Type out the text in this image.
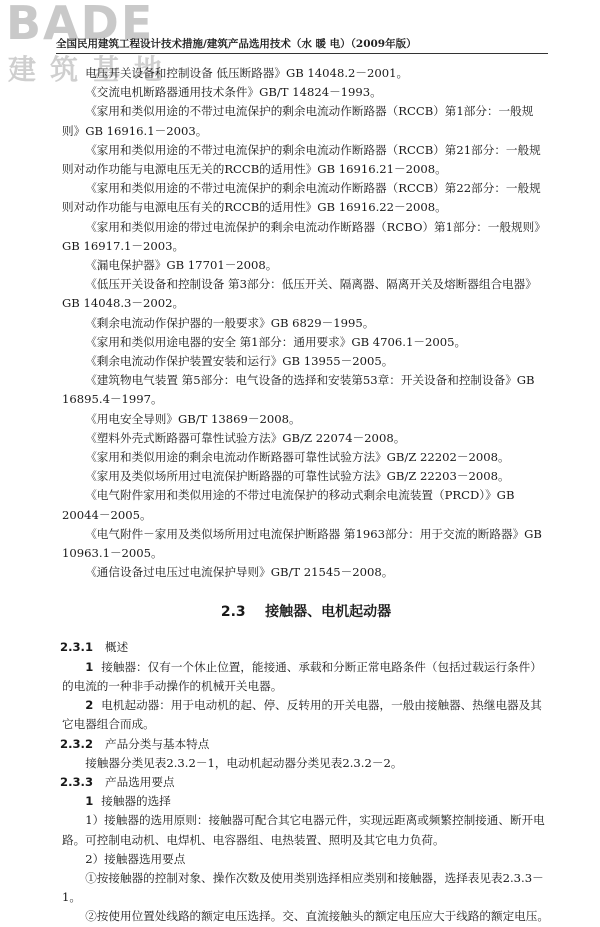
BADE
建筑基地
全国民用建筑工程设计技术措施/建筑产品选用技术（水 暖 电）（2009年版）

电压开关设备和控制设备 低压断路器》GB 14048.2－2001。

《交流电机断路器通用技术条件》GB/T 14824－1993。

《家用和类似用途的不带过电流保护的剩余电流动作断路器（RCCB）第1部分：一般规则》GB 16916.1－2003。

《家用和类似用途的不带过电流保护的剩余电流动作断路器（RCCB）第21部分：一般规则对动作功能与电源电压无关的RCCB的适用性》GB 16916.21－2008。

《家用和类似用途的不带过电流保护的剩余电流动作断路器（RCCB）第22部分：一般规则对动作功能与电源电压有关的RCCB的适用性》GB 16916.22－2008。

《家用和类似用途的带过电流保护的剩余电流动作断路器（RCBO）第1部分：一般规则》GB 16917.1－2003。

《漏电保护器》GB 17701－2008。

《低压开关设备和控制设备 第3部分：低压开关、隔离器、隔离开关及熔断器组合电器》GB 14048.3－2002。

《剩余电流动作保护器的一般要求》GB 6829－1995。

《家用和类似用途电器的安全 第1部分：通用要求》GB 4706.1－2005。

《剩余电流动作保护装置安装和运行》GB 13955－2005。

《建筑物电气装置 第5部分：电气设备的选择和安装第53章：开关设备和控制设备》GB 16895.4－1997。

《用电安全导则》GB/T 13869－2008。

《塑料外壳式断路器可靠性试验方法》GB/Z 22074－2008。

《家用和类似用途的剩余电流动作断路器可靠性试验方法》GB/Z 22202－2008。

《家用及类似场所用过电流保护断路器的可靠性试验方法》GB/Z 22203－2008。

《电气附件家用和类似用途的不带过电流保护的移动式剩余电流装置（PRCD）》GB 20044－2005。

《电气附件－家用及类似场所用过电流保护断路器 第1963部分：用于交流的断路器》GB 10963.1－2005。

《通信设备过电压过电流保护导则》GB/T 21545－2008。

2.3 接触器、电机起动器

2.3.1 概述

1 接触器：仅有一个休止位置，能接通、承载和分断正常电路条件（包括过载运行条件）的电流的一种非手动操作的机械开关电器。

2 电机起动器：用于电动机的起、停、反转用的开关电器，一般由接触器、热继电器及其它电器组合而成。

2.3.2 产品分类与基本特点

接触器分类见表2.3.2－1，电动机起动器分类见表2.3.2－2。

2.3.3 产品选用要点

1 接触器的选择

1）接触器的选用原则：接触器可配合其它电器元件，实现远距离或频繁控制接通、断开电路。可控制电动机、电焊机、电容器组、电热装置、照明及其它电力负荷。

2）接触器选用要点

①按接触器的控制对象、操作次数及使用类别选择相应类别和接触器，选择表见表2.3.3－1。

②按使用位置处线路的额定电压选择。交、直流接触头的额定电压应大于线路的额定电压。
